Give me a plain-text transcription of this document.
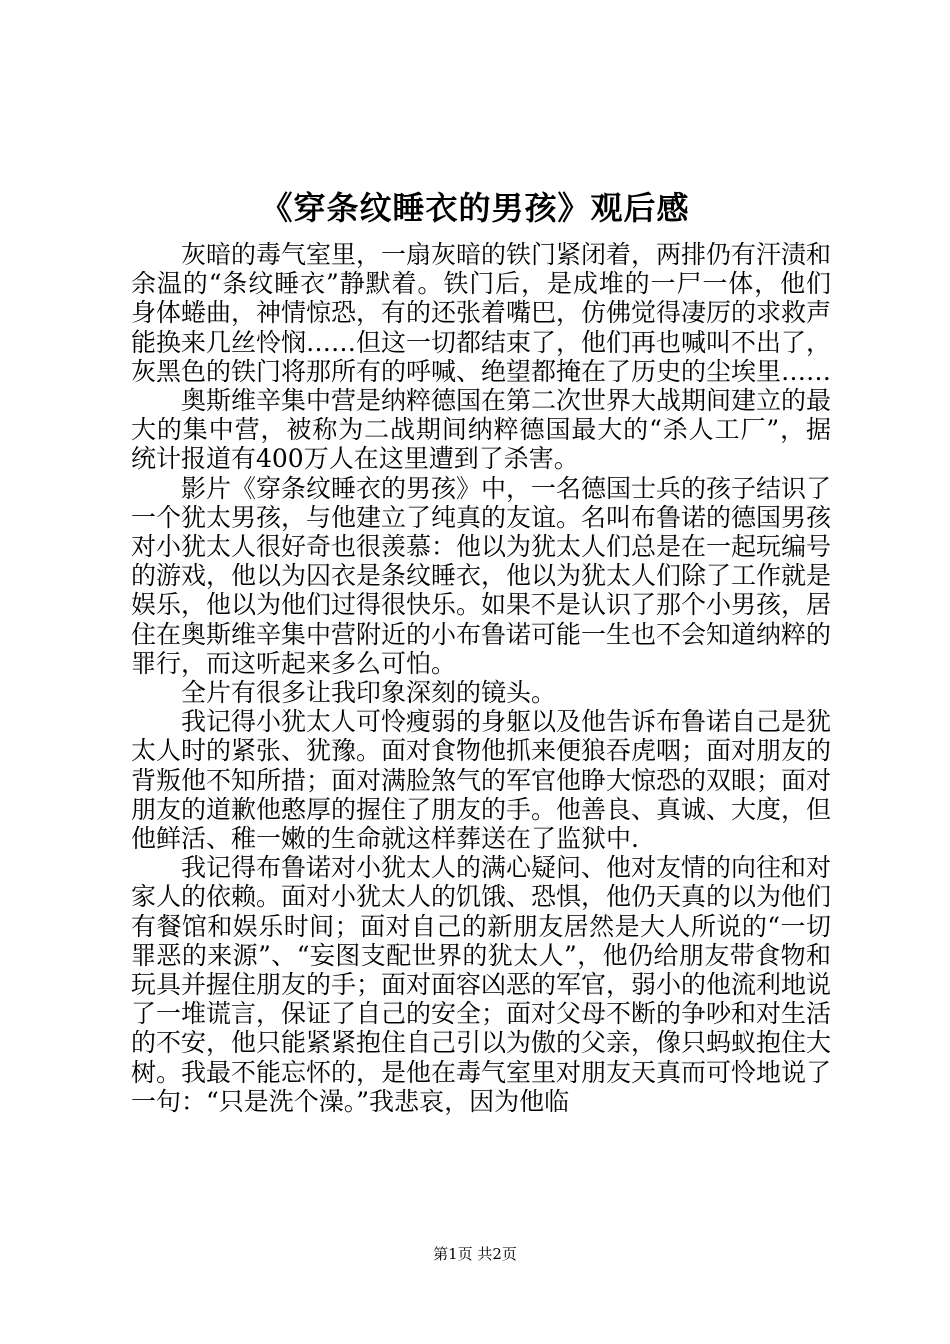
《穿条纹睡衣的男孩》观后感

灰暗的毒气室里，一扇灰暗的铁门紧闭着，两排仍有汗渍和余温的“条纹睡衣”静默着。铁门后，是成堆的一尸一体，他们身体蜷曲，神情惊恐，有的还张着嘴巴，仿佛觉得凄厉的求救声能换来几丝怜悯……但这一切都结束了，他们再也喊叫不出了，灰黑色的铁门将那所有的呼喊、绝望都掩在了历史的尘埃里……

奥斯维辛集中营是纳粹德国在第二次世界大战期间建立的最大的集中营，被称为二战期间纳粹德国最大的“杀人工厂”，据统计报道有400万人在这里遭到了杀害。

影片《穿条纹睡衣的男孩》中，一名德国士兵的孩子结识了一个犹太男孩，与他建立了纯真的友谊。名叫布鲁诺的德国男孩对小犹太人很好奇也很羡慕：他以为犹太人们总是在一起玩编号的游戏，他以为囚衣是条纹睡衣，他以为犹太人们除了工作就是娱乐，他以为他们过得很快乐。如果不是认识了那个小男孩，居住在奥斯维辛集中营附近的小布鲁诺可能一生也不会知道纳粹的罪行，而这听起来多么可怕。

全片有很多让我印象深刻的镜头。

我记得小犹太人可怜瘦弱的身躯以及他告诉布鲁诺自己是犹太人时的紧张、犹豫。面对食物他抓来便狼吞虎咽；面对朋友的背叛他不知所措；面对满脸煞气的军官他睁大惊恐的双眼；面对朋友的道歉他憨厚的握住了朋友的手。他善良、真诚、大度，但他鲜活、稚一嫩的生命就这样葬送在了监狱中.

我记得布鲁诺对小犹太人的满心疑问、他对友情的向往和对家人的依赖。面对小犹太人的饥饿、恐惧，他仍天真的以为他们有餐馆和娱乐时间；面对自己的新朋友居然是大人所说的“一切罪恶的来源”、“妄图支配世界的犹太人”，他仍给朋友带食物和玩具并握住朋友的手；面对面容凶恶的军官，弱小的他流利地说了一堆谎言，保证了自己的安全；面对父母不断的争吵和对生活的不安，他只能紧紧抱住自己引以为傲的父亲，像只蚂蚁抱住大树。我最不能忘怀的，是他在毒气室里对朋友天真而可怜地说了一句：“只是洗个澡。”我悲哀，因为他临

第1页 共2页
